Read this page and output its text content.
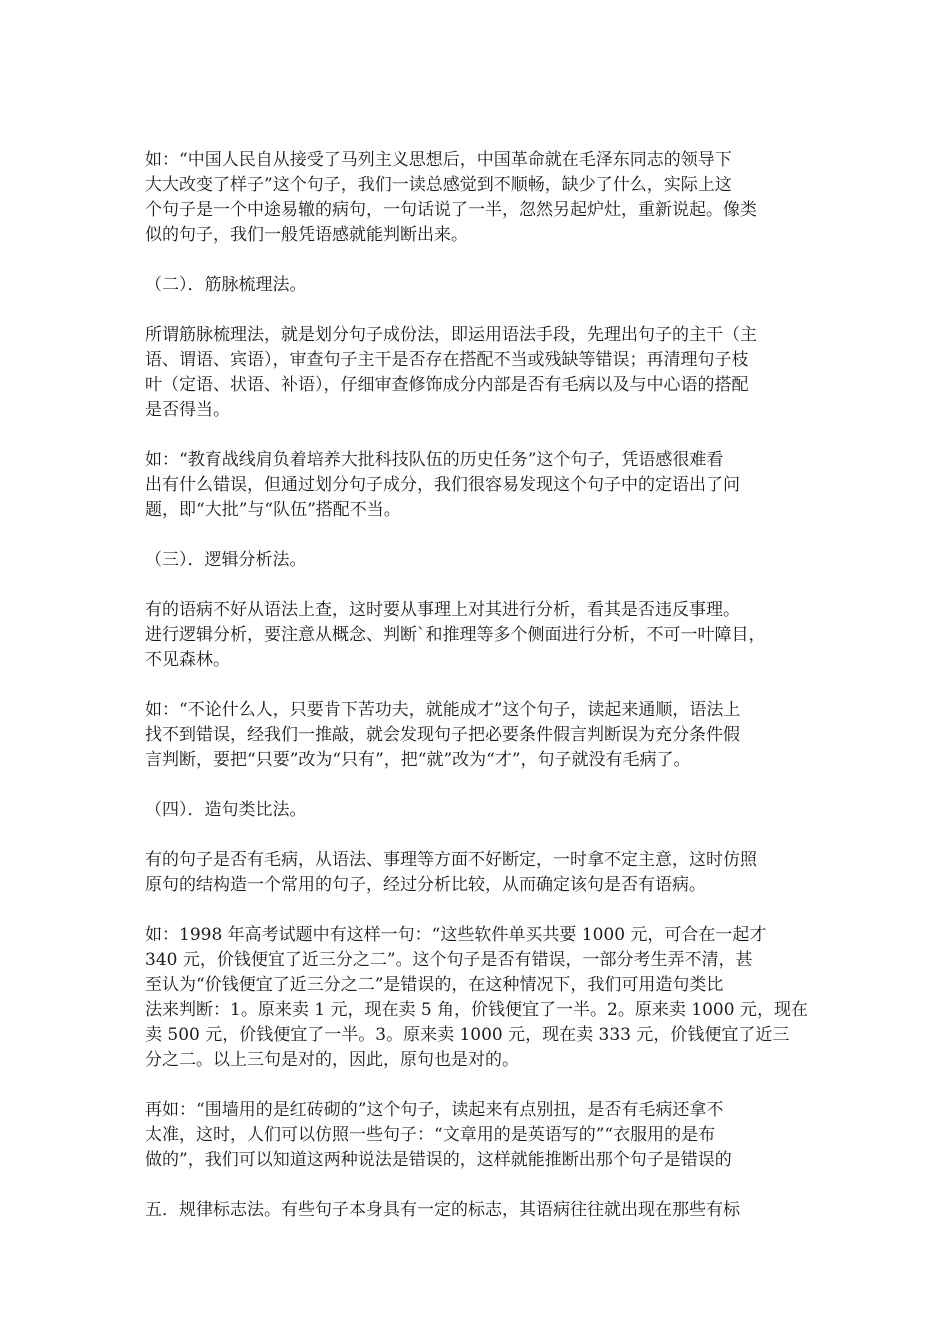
如：“中国人民自从接受了马列主义思想后，中国革命就在毛泽东同志的领导下
大大改变了样子”这个句子，我们一读总感觉到不顺畅，缺少了什么，实际上这
个句子是一个中途易辙的病句，一句话说了一半，忽然另起炉灶，重新说起。像类
似的句子，我们一般凭语感就能判断出来。

（二）．筋脉梳理法。

所谓筋脉梳理法，就是划分句子成份法，即运用语法手段，先理出句子的主干（主
语、谓语、宾语），审查句子主干是否存在搭配不当或残缺等错误；再清理句子枝
叶（定语、状语、补语），仔细审查修饰成分内部是否有毛病以及与中心语的搭配
是否得当。

如：“教育战线肩负着培养大批科技队伍的历史任务”这个句子，凭语感很难看
出有什么错误，但通过划分句子成分，我们很容易发现这个句子中的定语出了问
题，即“大批”与“队伍”搭配不当。

（三）．逻辑分析法。

有的语病不好从语法上查，这时要从事理上对其进行分析，看其是否违反事理。
进行逻辑分析，要注意从概念、判断`和推理等多个侧面进行分析，不可一叶障目，
不见森林。

如：“不论什么人，只要肯下苦功夫，就能成才”这个句子，读起来通顺，语法上
找不到错误，经我们一推敲，就会发现句子把必要条件假言判断误为充分条件假
言判断，要把“只要”改为“只有”，把“就”改为“才”，句子就没有毛病了。

（四）．造句类比法。

有的句子是否有毛病，从语法、事理等方面不好断定，一时拿不定主意，这时仿照
原句的结构造一个常用的句子，经过分析比较，从而确定该句是否有语病。

如：1998 年高考试题中有这样一句：“这些软件单买共要 1000 元，可合在一起才
340 元，价钱便宜了近三分之二”。这个句子是否有错误，一部分考生弄不清，甚
至认为“价钱便宜了近三分之二”是错误的，在这种情况下，我们可用造句类比
法来判断：1。原来卖 1 元，现在卖 5 角，价钱便宜了一半。2。原来卖 1000 元，现在
卖 500 元，价钱便宜了一半。3。原来卖 1000 元，现在卖 333 元，价钱便宜了近三
分之二。以上三句是对的，因此，原句也是对的。

再如：“围墙用的是红砖砌的”这个句子，读起来有点别扭，是否有毛病还拿不
太准，这时，人们可以仿照一些句子：“文章用的是英语写的”“衣服用的是布
做的”，我们可以知道这两种说法是错误的，这样就能推断出那个句子是错误的

五．规律标志法。有些句子本身具有一定的标志，其语病往往就出现在那些有标
